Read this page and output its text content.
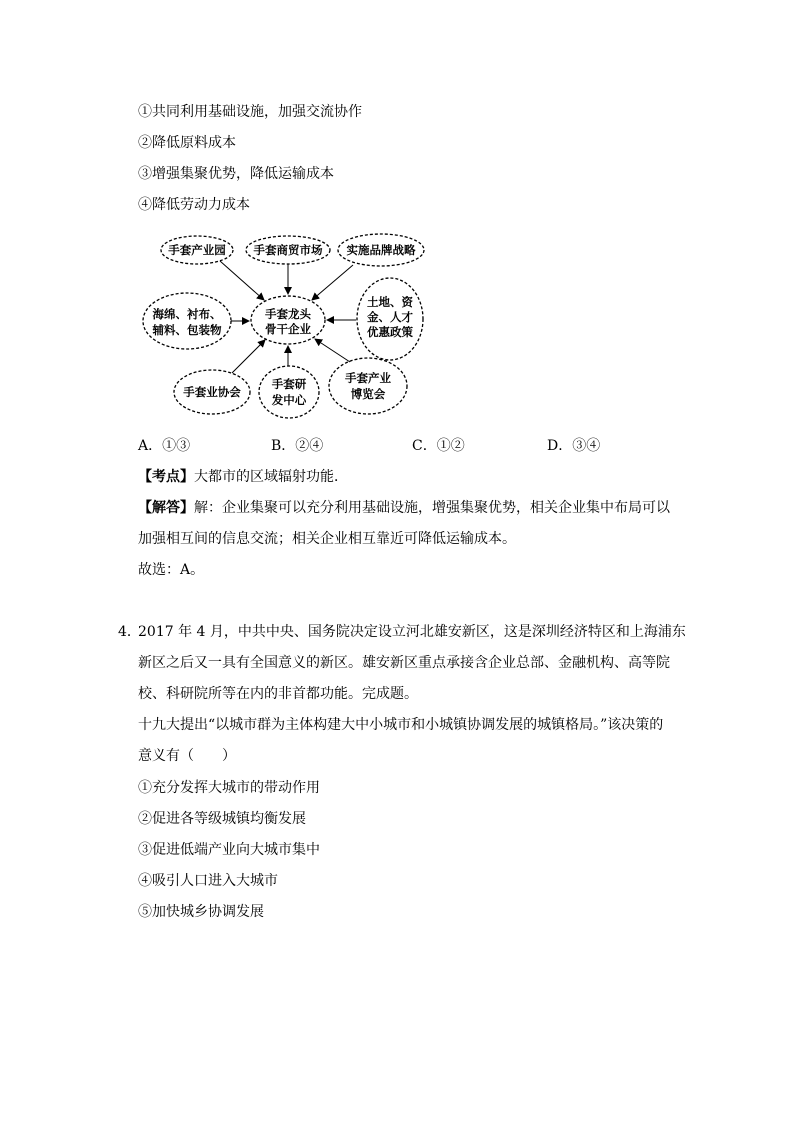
①共同利用基础设施，加强交流协作
②降低原料成本
③增强集聚优势，降低运输成本
④降低劳动力成本
手套产业园 手套商贸市场 实施品牌战略
海绵、衬布、
辅料、包装物
手套龙头
骨干企业
土地、资
金、人才
优惠政策
手套业协会
手套研
发中心
手套产业
博览会
A．①③	B．②④	C．①②	D．③④
【考点】大都市的区域辐射功能．
【解答】解：企业集聚可以充分利用基础设施，增强集聚优势，相关企业集中布局可以
加强相互间的信息交流；相关企业相互靠近可降低运输成本。
故选：A。
4．
2017 年 4 月，中共中央、国务院决定设立河北雄安新区，这是深圳经济特区和上海浦东
新区之后又一具有全国意义的新区。雄安新区重点承接含企业总部、金融机构、高等院
校、科研院所等在内的非首都功能。完成题。
十九大提出“以城市群为主体构建大中小城市和小城镇协调发展的城镇格局。”该决策的
意义有（　　）
①充分发挥大城市的带动作用
②促进各等级城镇均衡发展
③促进低端产业向大城市集中
④吸引人口进入大城市
⑤加快城乡协调发展
